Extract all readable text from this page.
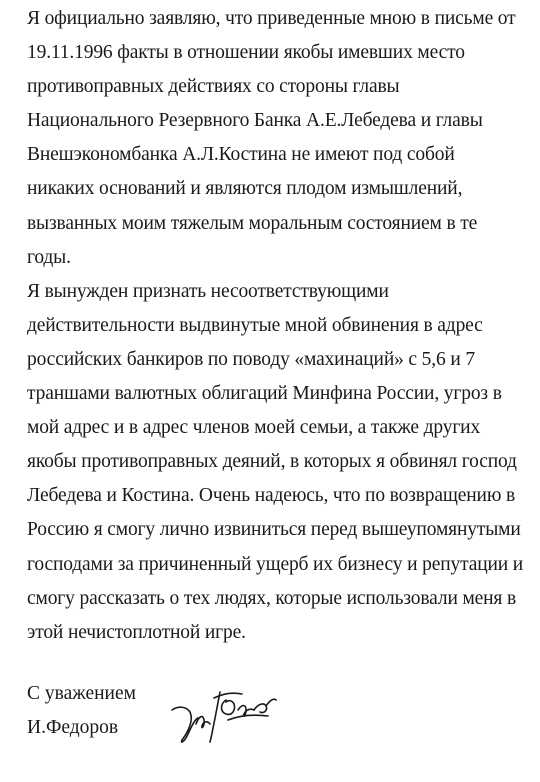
Я официально заявляю, что приведенные мною в письме от
19.11.1996 факты в отношении якобы имевших место
противоправных действиях со стороны главы
Национального Резервного Банка А.Е.Лебедева и главы
Внешэкономбанка А.Л.Костина не имеют под собой
никаких оснований и являются плодом измышлений,
вызванных моим тяжелым моральным состоянием в те
годы.
Я вынужден признать несоответствующими
действительности выдвинутые мной обвинения в адрес
российских банкиров по поводу «махинаций» с 5,6 и 7
траншами валютных облигаций Минфина России, угроз в
мой адрес и в адрес членов моей семьи, а также других
якобы противоправных деяний, в которых я обвинял господ
Лебедева и Костина. Очень надеюсь, что по возвращению в
Россию я смогу лично извиниться перед вышеупомянутыми
господами за причиненный ущерб их бизнесу и репутации и
смогу рассказать о тех людях, которые использовали меня в
этой нечистоплотной игре.
С уважением
И.Федоров
